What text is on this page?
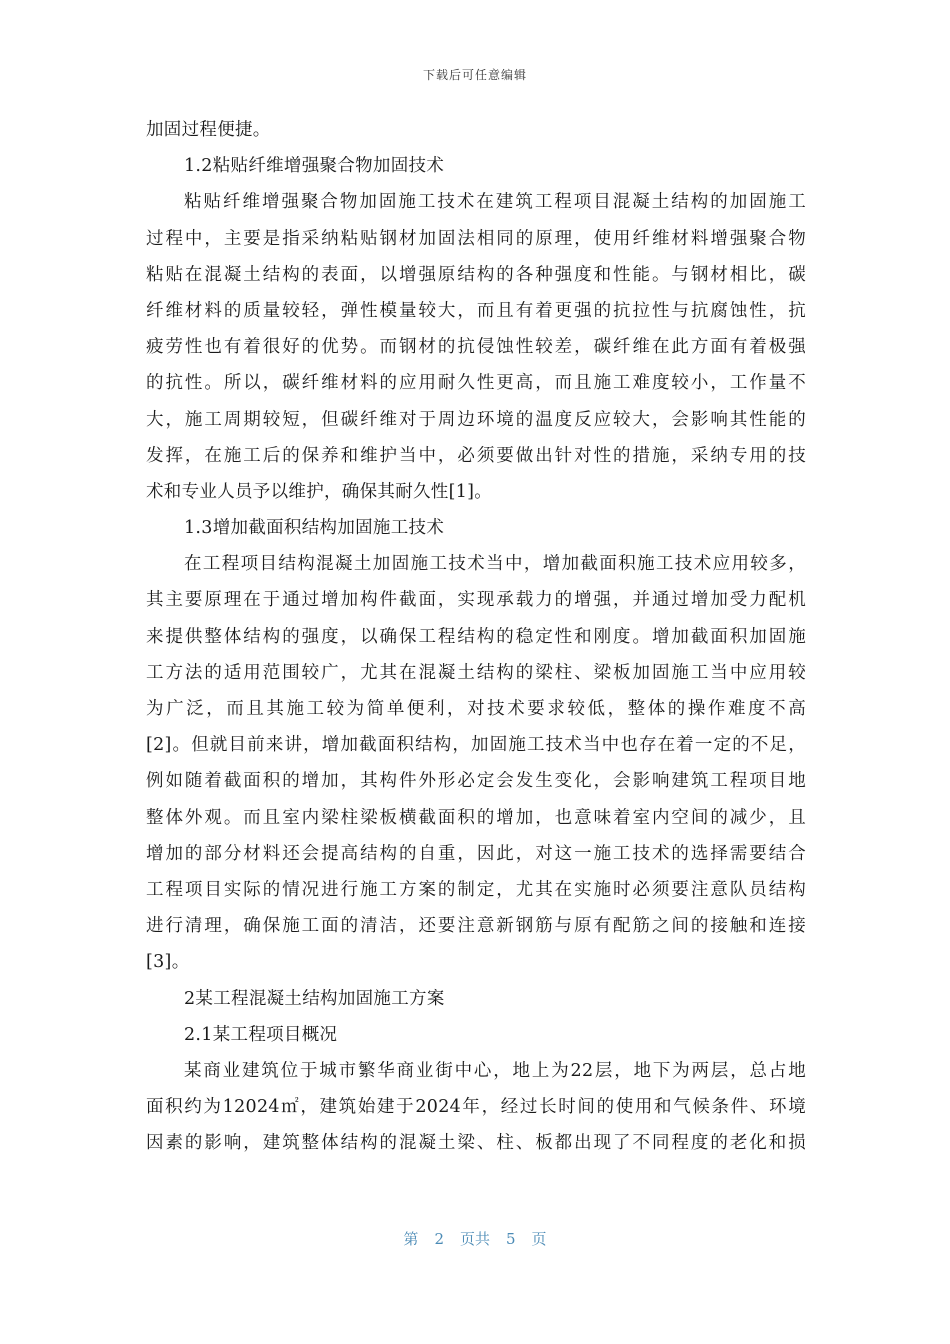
下载后可任意编辑
加固过程便捷。
1.2粘贴纤维增强聚合物加固技术
粘贴纤维增强聚合物加固施工技术在建筑工程项目混凝土结构的加固施工
过程中，主要是指采纳粘贴钢材加固法相同的原理，使用纤维材料增强聚合物
粘贴在混凝土结构的表面，以增强原结构的各种强度和性能。与钢材相比，碳
纤维材料的质量较轻，弹性模量较大，而且有着更强的抗拉性与抗腐蚀性，抗
疲劳性也有着很好的优势。而钢材的抗侵蚀性较差，碳纤维在此方面有着极强
的抗性。所以，碳纤维材料的应用耐久性更高，而且施工难度较小，工作量不
大，施工周期较短，但碳纤维对于周边环境的温度反应较大，会影响其性能的
发挥，在施工后的保养和维护当中，必须要做出针对性的措施，采纳专用的技
术和专业人员予以维护，确保其耐久性[1]。
1.3增加截面积结构加固施工技术
在工程项目结构混凝土加固施工技术当中，增加截面积施工技术应用较多，
其主要原理在于通过增加构件截面，实现承载力的增强，并通过增加受力配机
来提供整体结构的强度，以确保工程结构的稳定性和刚度。增加截面积加固施
工方法的适用范围较广，尤其在混凝土结构的梁柱、梁板加固施工当中应用较
为广泛，而且其施工较为简单便利，对技术要求较低，整体的操作难度不高
[2]。但就目前来讲，增加截面积结构，加固施工技术当中也存在着一定的不足，
例如随着截面积的增加，其构件外形必定会发生变化，会影响建筑工程项目地
整体外观。而且室内梁柱梁板横截面积的增加，也意味着室内空间的减少，且
增加的部分材料还会提高结构的自重，因此，对这一施工技术的选择需要结合
工程项目实际的情况进行施工方案的制定，尤其在实施时必须要注意队员结构
进行清理，确保施工面的清洁，还要注意新钢筋与原有配筋之间的接触和连接
[3]。
2某工程混凝土结构加固施工方案
2.1某工程项目概况
某商业建筑位于城市繁华商业街中心，地上为22层，地下为两层，总占地
面积约为12024㎡，建筑始建于2024年，经过长时间的使用和气候条件、环境
因素的影响，建筑整体结构的混凝土梁、柱、板都出现了不同程度的老化和损
第 2 页共 5 页
